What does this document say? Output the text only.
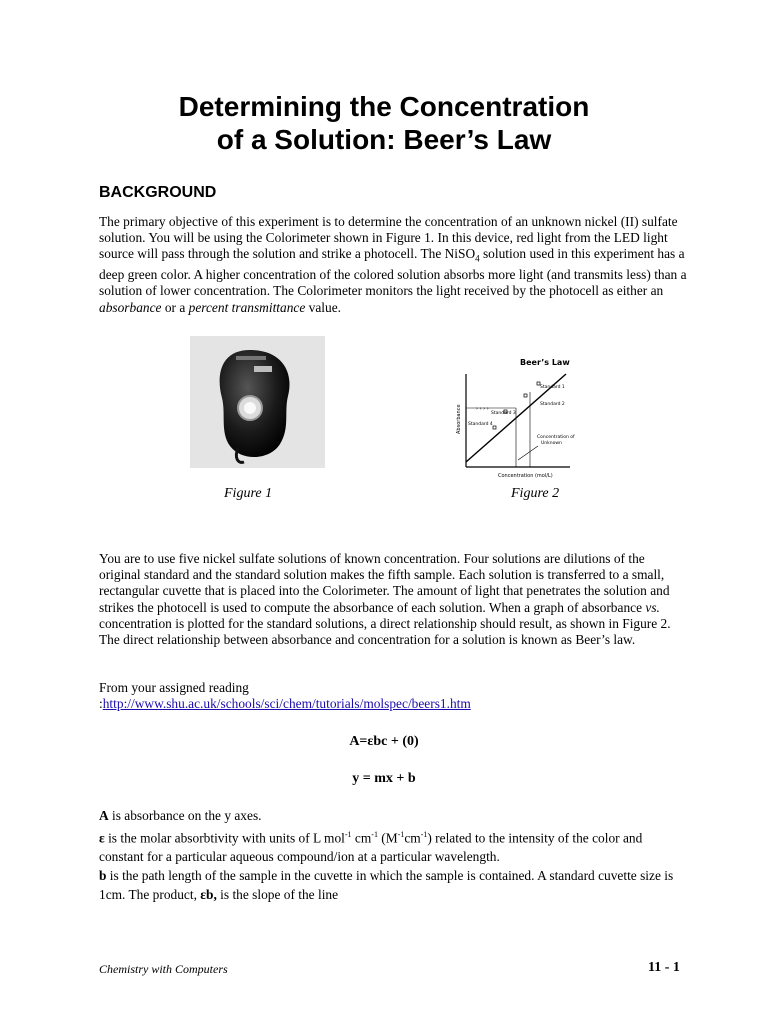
Determining the Concentration
of a Solution: Beer’s Law
BACKGROUND

The primary objective of this experiment is to determine the concentration of an unknown nickel (II) sulfate solution. You will be using the Colorimeter shown in Figure 1. In this device, red light from the LED light source will pass through the solution and strike a photocell. The NiSO$_4$ solution used in this experiment has a deep green color. A higher concentration of the colored solution absorbs more light (and transmits less) than a solution of lower concentration. The Colorimeter monitors the light received by the photocell as either an absorbance or a percent transmittance value.

Beer’s Law
Absorbance
Concentration (mol/L)
Standard 1
Standard 2
Standard 3
Standard 4
› › › ›
Concentration of
Unknown
Figure 1	Figure 2

You are to use five nickel sulfate solutions of known concentration. Four solutions are dilutions of the original standard and the standard solution makes the fifth sample. Each solution is transferred to a small, rectangular cuvette that is placed into the Colorimeter. The amount of light that penetrates the solution and strikes the photocell is used to compute the absorbance of each solution. When a graph of absorbance vs. concentration is plotted for the standard solutions, a direct relationship should result, as shown in Figure 2. The direct relationship between absorbance and concentration for a solution is known as Beer’s law.

From your assigned reading

:http://www.shu.ac.uk/schools/sci/chem/tutorials/molspec/beers1.htm

A=εbc + (0)
y = mx + b

A is absorbance on the y axes.

ε is the molar absorbtivity with units of L mol$^{-1}$ $cm^{-1}$ $(M^{-1}cm^{-1})$ related to the intensity of the color and constant for a particular aqueous compound/ion at a particular wavelength.

b is the path length of the sample in the cuvette in which the sample is contained. A standard cuvette size is 1cm. The product, εb, is the slope of the line

Chemistry with Computers	11 - 1
